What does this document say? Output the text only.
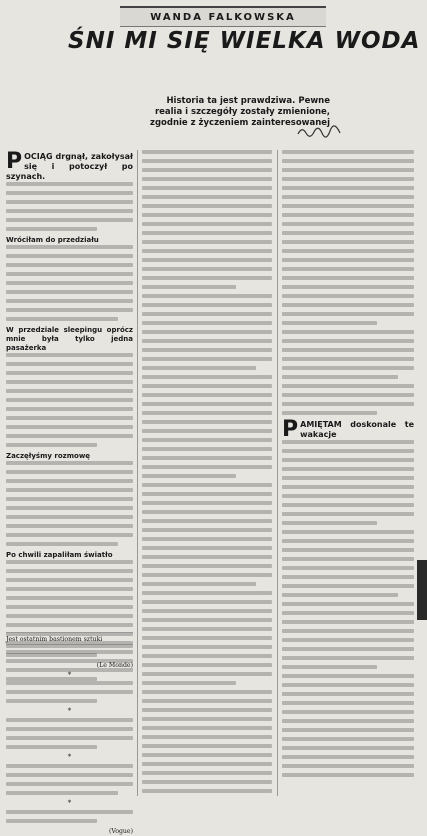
WANDA FALKOWSKA
ŚNI MI SIĘ WIELKA WODA
Historia ta jest prawdziwa. Pewne realia i szczegóły zostały zmienione, zgodnie z życzeniem zainteresowanej
P OCIĄG drgnął, zakołysał się i potoczył po szynach.
Wróciłam do przedziału
W przedziale sleepingu oprócz mnie była tylko jedna pasażerka
Zaczęłyśmy rozmowę
Po chwili zapaliłam światło
Jest ostatnim bastionem sztuki
(Le Monde)
*
*
*
*
(Vogue)
P AMIĘTAM doskonale te wakacje
